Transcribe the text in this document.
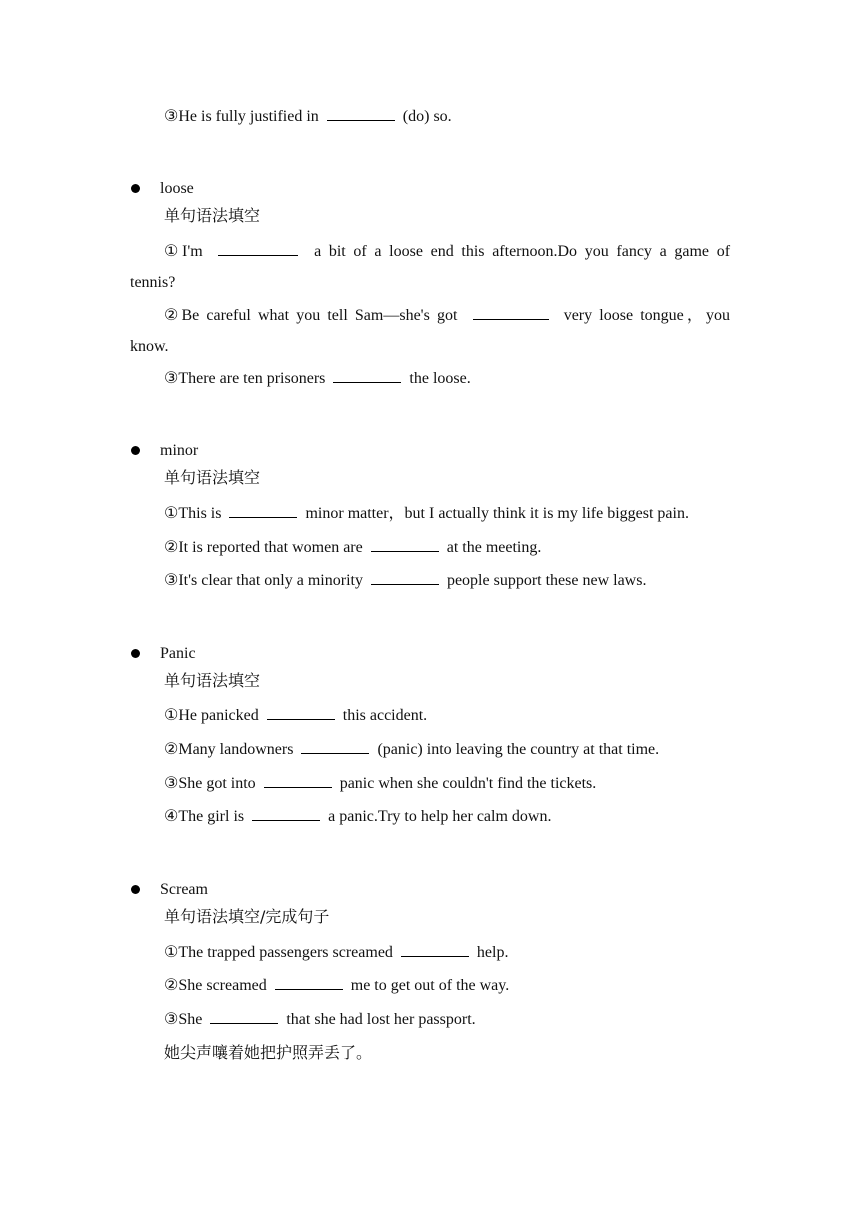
③He is fully justified in	(do) so.
loose
单句语法填空
①I'm	a bit of a loose end this afternoon.Do you fancy a game of
tennis?
②Be careful what you tell Sam—she's got	very loose tongue，you
know.
③There are ten prisoners	the loose.
minor
单句语法填空
①This is	minor matter，but I actually think it is my life biggest pain.
②It is reported that women are	at the meeting.
③It's clear that only a minority	people support these new laws.
Panic
单句语法填空
①He panicked	this accident.
②Many landowners	(panic) into leaving the country at that time.
③She got into	panic when she couldn't find the tickets.
④The girl is	a panic.Try to help her calm down.
Scream
单句语法填空/完成句子
①The trapped passengers screamed	help.
②She screamed	me to get out of the way.
③She	that she had lost her passport.
她尖声嚷着她把护照弄丢了。
